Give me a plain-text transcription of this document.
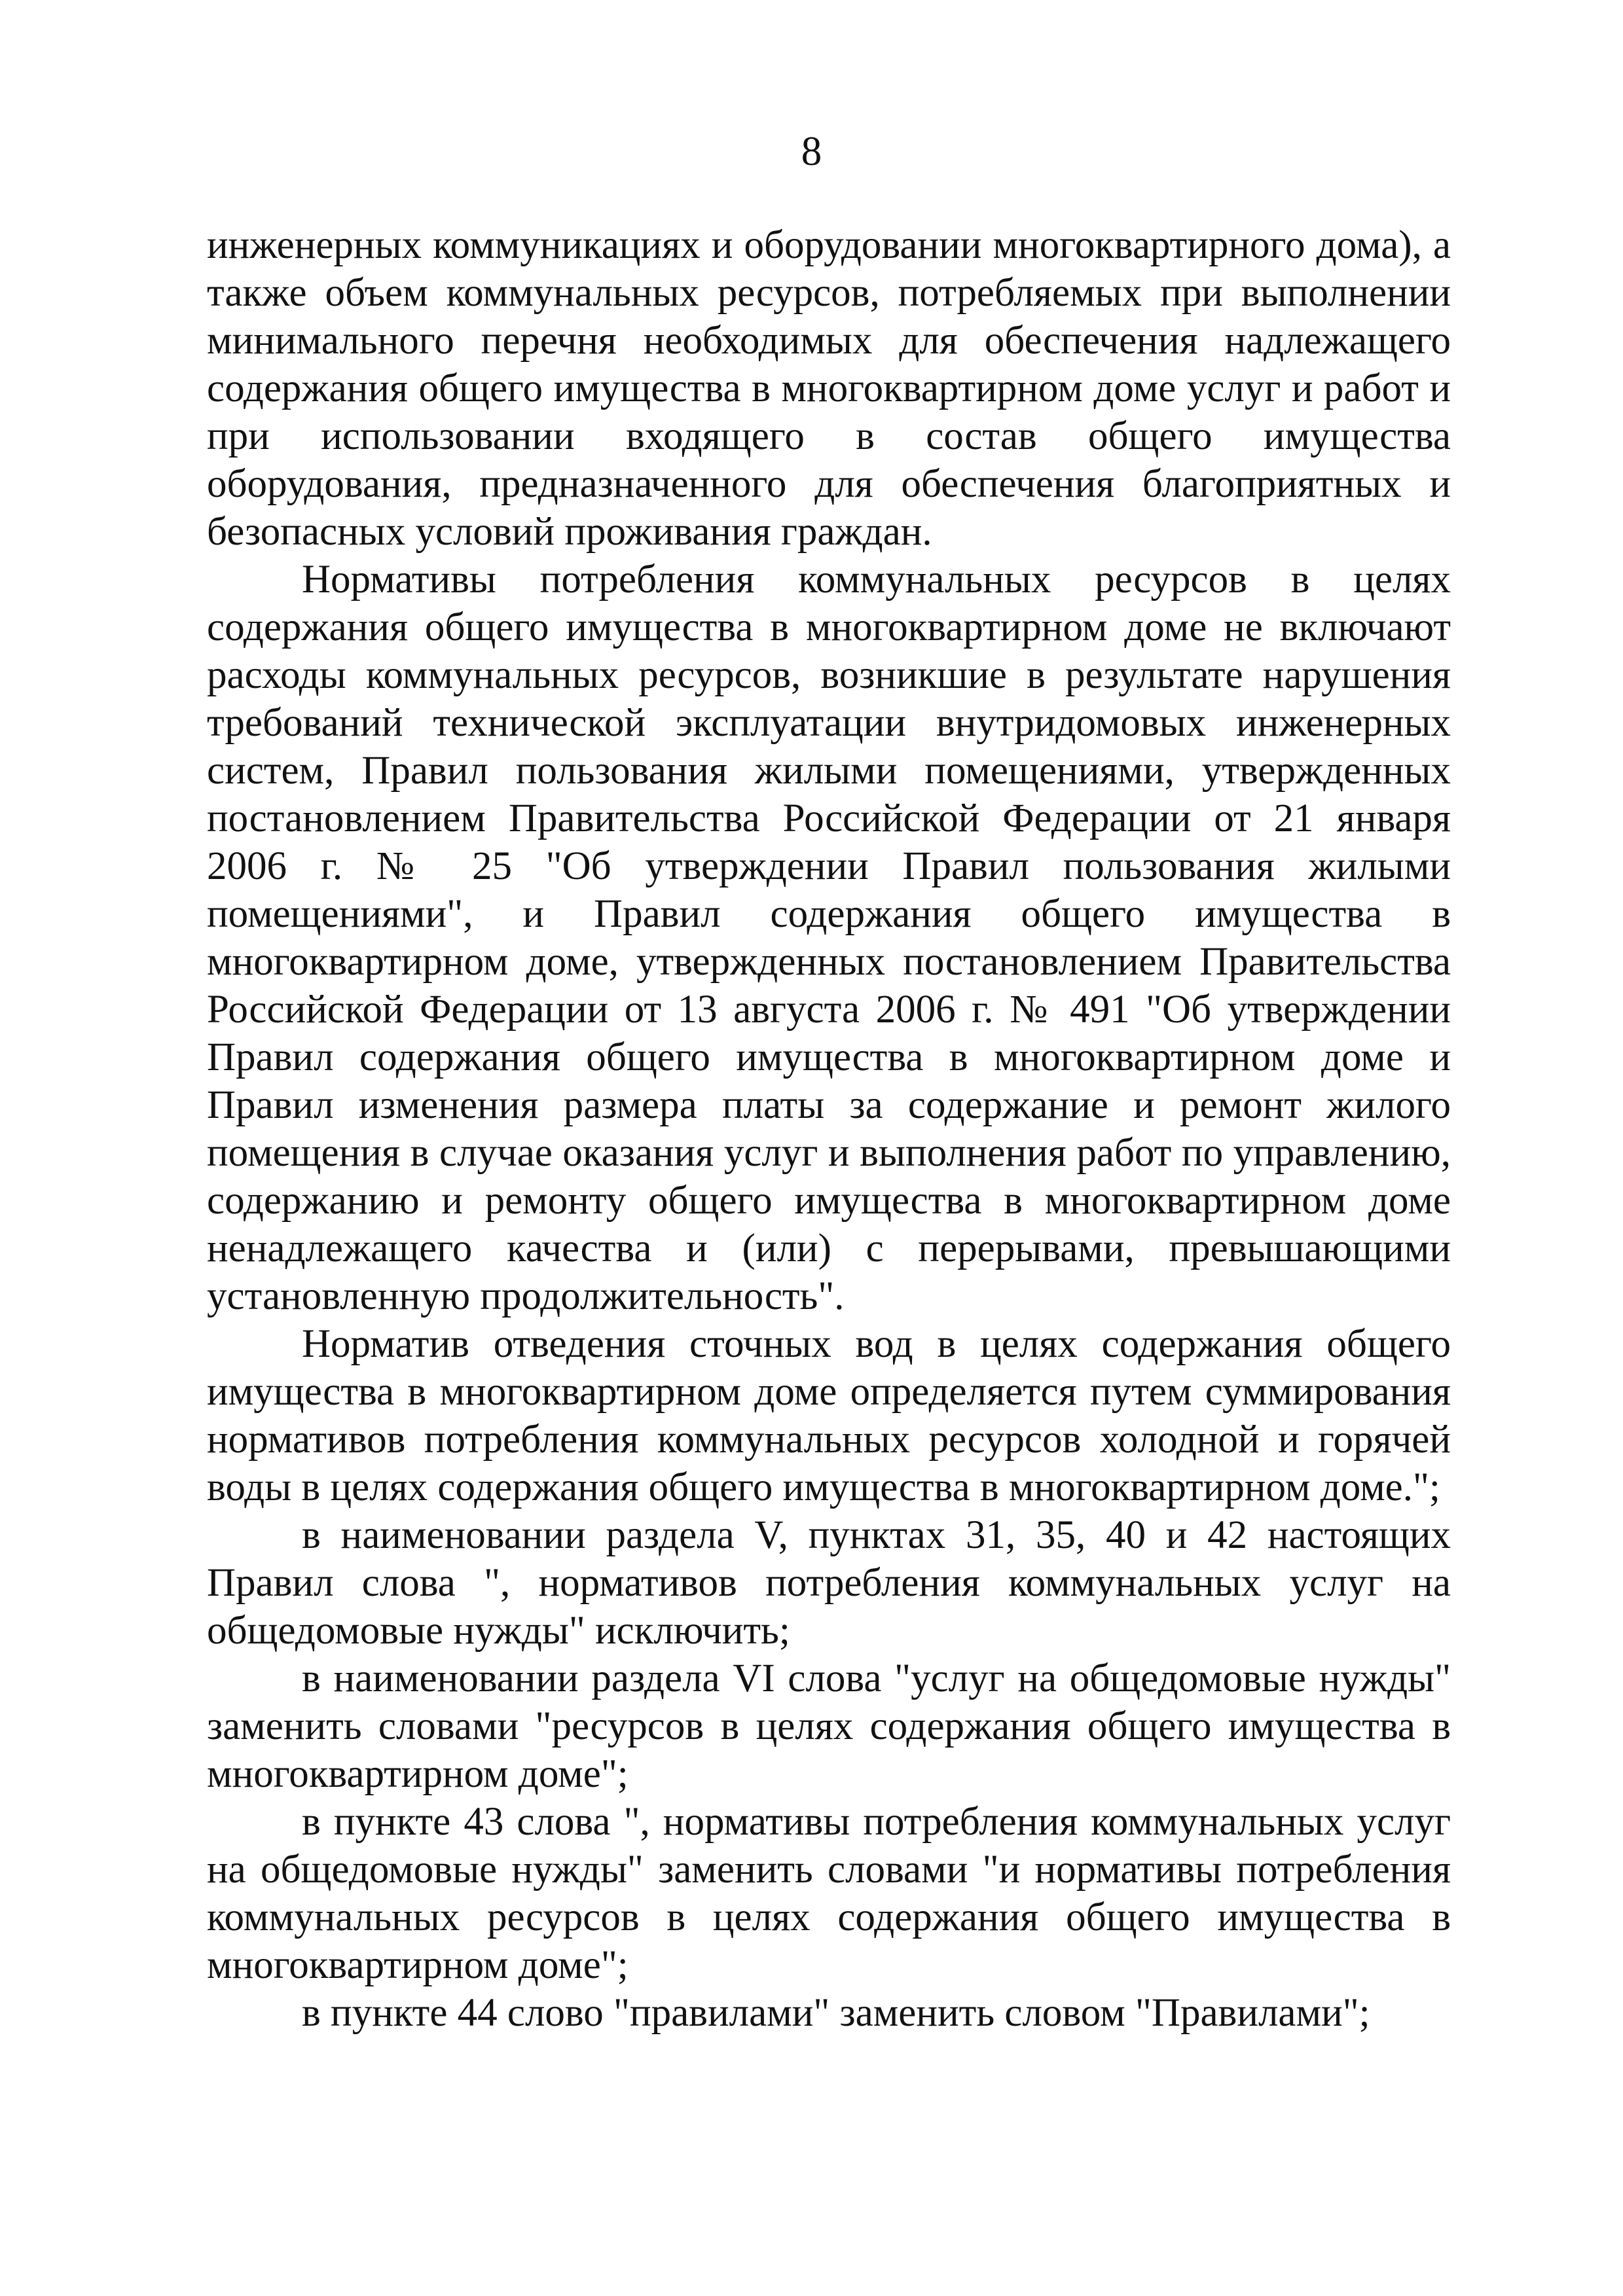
8

инженерных коммуникациях и оборудовании многоквартирного дома), а также объем коммунальных ресурсов, потребляемых при выполнении минимального перечня необходимых для обеспечения надлежащего содержания общего имущества в многоквартирном доме услуг и работ и при использовании входящего в состав общего имущества оборудования, предназначенного для обеспечения благоприятных и безопасных условий проживания граждан.

Нормативы потребления коммунальных ресурсов в целях содержания общего имущества в многоквартирном доме не включают расходы коммунальных ресурсов, возникшие в результате нарушения требований технической эксплуатации внутридомовых инженерных систем, Правил пользования жилыми помещениями, утвержденных постановлением Правительства Российской Федерации от 21 января 2006 г. № 25 "Об утверждении Правил пользования жилыми помещениями", и Правил содержания общего имущества в многоквартирном доме, утвержденных постановлением Правительства Российской Федерации от 13 августа 2006 г. № 491 "Об утверждении Правил содержания общего имущества в многоквартирном доме и Правил изменения размера платы за содержание и ремонт жилого помещения в случае оказания услуг и выполнения работ по управлению, содержанию и ремонту общего имущества в многоквартирном доме ненадлежащего качества и (или) с перерывами, превышающими установленную продолжительность".

Норматив отведения сточных вод в целях содержания общего имущества в многоквартирном доме определяется путем суммирования нормативов потребления коммунальных ресурсов холодной и горячей воды в целях содержания общего имущества в многоквартирном доме.";

в наименовании раздела V, пунктах 31, 35, 40 и 42 настоящих Правил слова ", нормативов потребления коммунальных услуг на общедомовые нужды" исключить;

в наименовании раздела VI слова "услуг на общедомовые нужды" заменить словами "ресурсов в целях содержания общего имущества в многоквартирном доме";

в пункте 43 слова ", нормативы потребления коммунальных услуг на общедомовые нужды" заменить словами "и нормативы потребления коммунальных ресурсов в целях содержания общего имущества в многоквартирном доме";

в пункте 44 слово "правилами" заменить словом "Правилами";
